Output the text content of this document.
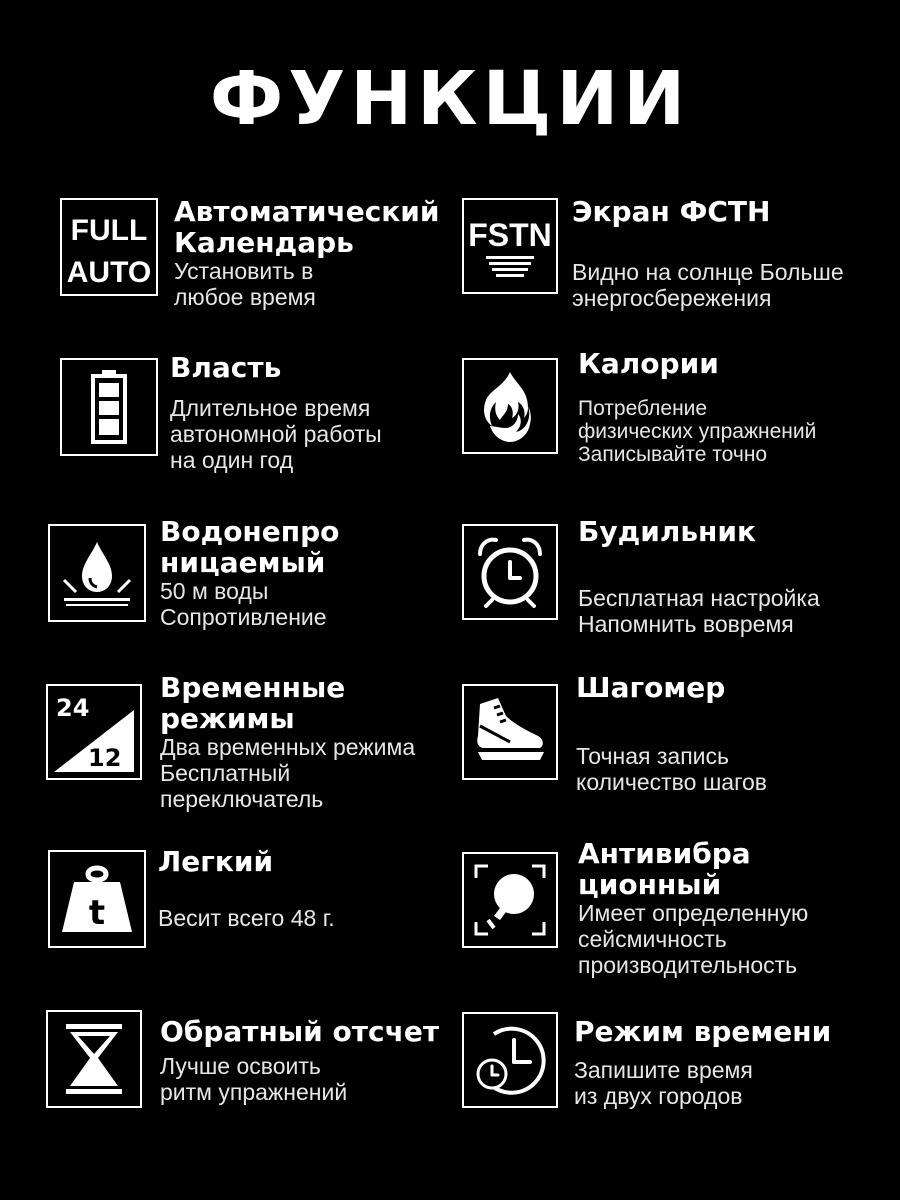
ФУНКЦИИ
FULL
AUTO
Автоматический
Календарь
Установить в
любое время
FSTN
Экран ФСТН
Видно на солнце Больше
энергосбережения
Власть
Длительное время
автономной работы
на один год
Калории
Потребление
физических упражнений
Записывайте точно
Водонепро
ницаемый
50 м воды
Сопротивление
Будильник
Бесплатная настройка
Напомнить вовремя
24
12
Временные
режимы
Два временных режима
Бесплатный
переключатель
Шагомер
Точная запись
количество шагов
t
Легкий
Весит всего 48 г.
Антивибра
ционный
Имеет определенную
сейсмичность
производительность
Обратный отсчет
Лучше освоить
ритм упражнений
Режим времени
Запишите время
из двух городов
